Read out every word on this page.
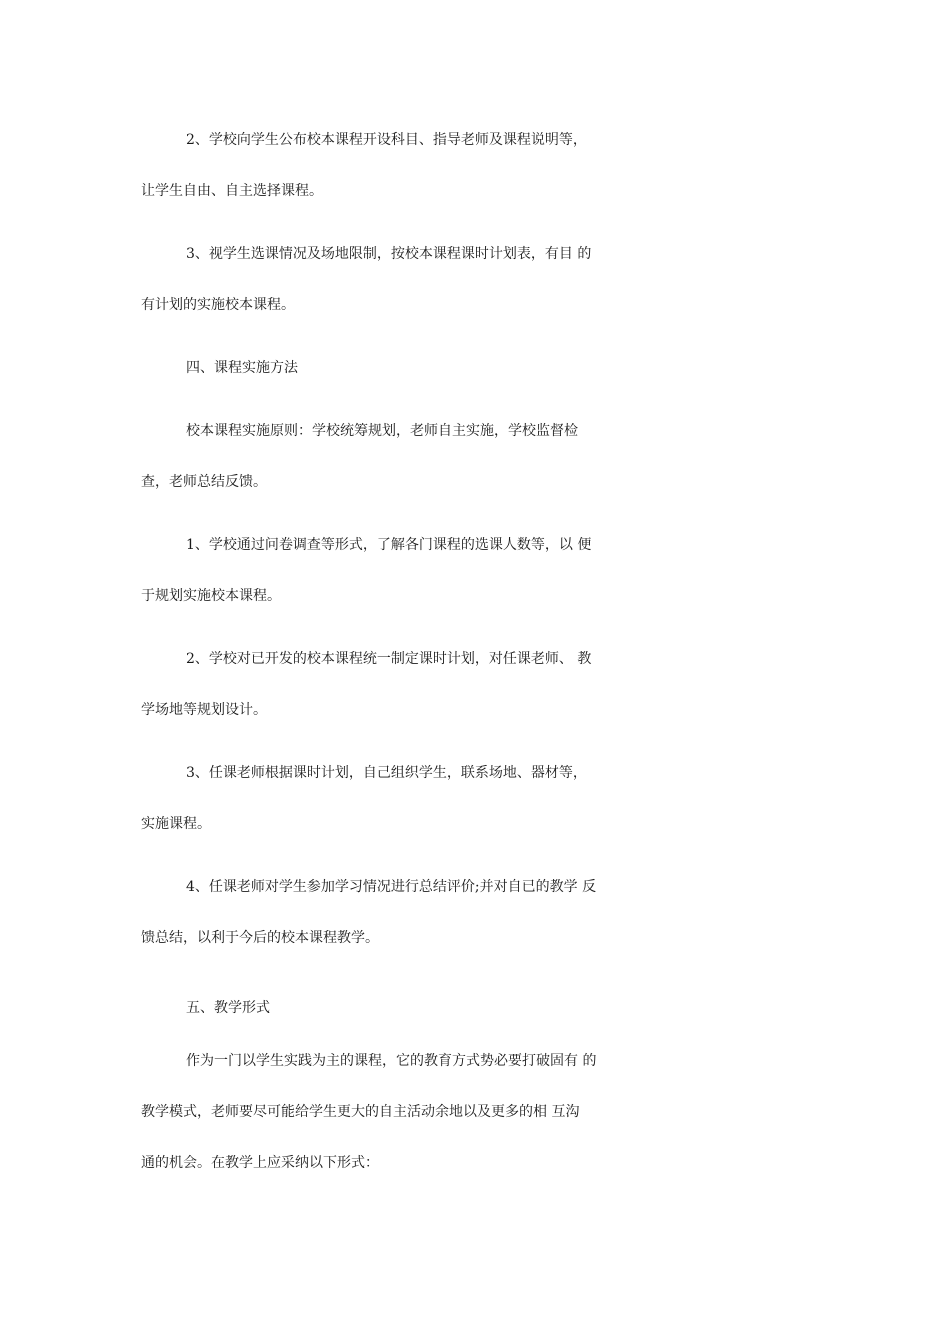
2、学校向学生公布校本课程开设科目、指导老师及课程说明等，
让学生自由、自主选择课程。
3、视学生选课情况及场地限制，按校本课程课时计划表，有目 的
有计划的实施校本课程。
四、课程实施方法
校本课程实施原则：学校统筹规划，老师自主实施，学校监督检
查，老师总结反馈。
1、学校通过问卷调查等形式，了解各门课程的选课人数等，以 便
于规划实施校本课程。
2、学校对已开发的校本课程统一制定课时计划，对任课老师、 教
学场地等规划设计。
3、任课老师根据课时计划，自己组织学生，联系场地、器材等，
实施课程。
4、任课老师对学生参加学习情况进行总结评价;并对自已的教学 反
馈总结，以利于今后的校本课程教学。
五、教学形式
作为一门以学生实践为主的课程，它的教育方式势必要打破固有 的
教学模式，老师要尽可能给学生更大的自主活动余地以及更多的相 互沟
通的机会。在教学上应采纳以下形式：
